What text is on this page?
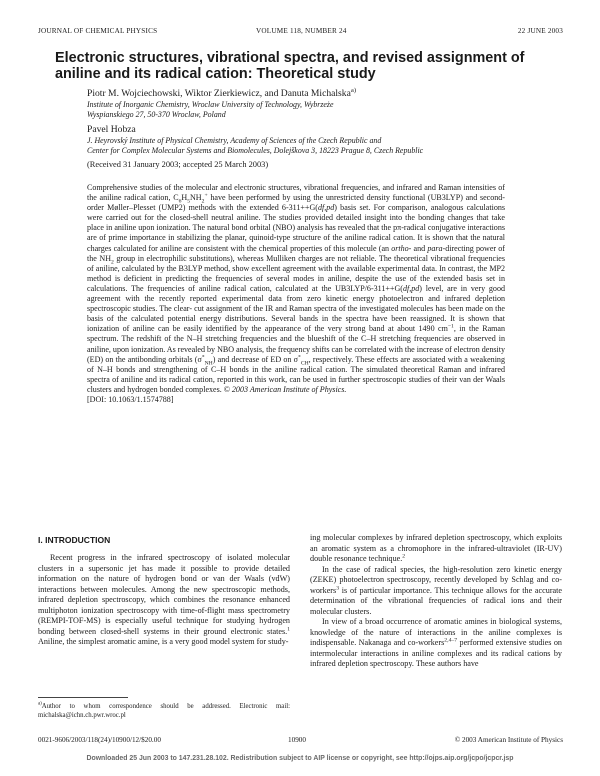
JOURNAL OF CHEMICAL PHYSICS	VOLUME 118, NUMBER 24	22 JUNE 2003
Electronic structures, vibrational spectra, and revised assignment of aniline and its radical cation: Theoretical study
Piotr M. Wojciechowski, Wiktor Zierkiewicz, and Danuta Michalska$^{a)}$
Institute of Inorganic Chemistry, Wroclaw University of Technology, Wybrzeże
Wyspianskiego 27, 50-370 Wroclaw, Poland
Pavel Hobza
J. Heyrovský Institute of Physical Chemistry, Academy of Sciences of the Czech Republic and
Center for Complex Molecular Systems and Biomolecules, Dolejškova 3, 18223 Prague 8, Czech Republic
(Received 31 January 2003; accepted 25 March 2003)

Comprehensive studies of the molecular and electronic structures, vibrational frequencies, and infrared and Raman intensities of the aniline radical cation, $C_6H_5NH_2^+$ have been performed by using the unrestricted density functional (UB3LYP) and second-order Møller–Plesset (UMP2) methods with the extended 6-311++G(df,pd) basis set. For comparison, analogous calculations were carried out for the closed-shell neutral aniline. The studies provided detailed insight into the bonding changes that take place in aniline upon ionization. The natural bond orbital (NBO) analysis has revealed that the pπ-radical conjugative interactions are of prime importance in stabilizing the planar, quinoid-type structure of the aniline radical cation. It is shown that the natural charges calculated for aniline are consistent with the chemical properties of this molecule (an ortho- and para-directing power of the $NH_2$ group in electrophilic substitutions), whereas Mulliken charges are not reliable. The theoretical vibrational frequencies of aniline, calculated by the B3LYP method, show excellent agreement with the available experimental data. In contrast, the MP2 method is deficient in predicting the frequencies of several modes in aniline, despite the use of the extended basis set in calculations. The frequencies of aniline radical cation, calculated at the UB3LYP/6-311++G(df,pd) level, are in very good agreement with the recently reported experimental data from zero kinetic energy photoelectron and infrared depletion spectroscopic studies. The clear- cut assignment of the IR and Raman spectra of the investigated molecules has been made on the basis of the calculated potential energy distributions. Several bands in the spectra have been reassigned. It is shown that ionization of aniline can be easily identified by the appearance of the very strong band at about 1490 $cm^{-1}$, in the Raman spectrum. The redshift of the N–H stretching frequencies and the blueshift of the C–H stretching frequencies are observed in aniline, upon ionization. As revealed by NBO analysis, the frequency shifts can be correlated with the increase of electron density (ED) on the antibonding orbitals $(\sigma^*_{NH})$ and decrease of ED on $\sigma^*_{CH}$, respectively. These effects are associated with a weakening of N–H bonds and strengthening of C–H bonds in the aniline radical cation. The simulated theoretical Raman and infrared spectra of aniline and its radical cation, reported in this work, can be used in further spectroscopic studies of their van der Waals clusters and hydrogen bonded complexes. © 2003 American Institute of Physics.
[DOI: 10.1063/1.1574788]

I. INTRODUCTION

Recent progress in the infrared spectroscopy of isolated molecular clusters in a supersonic jet has made it possible to provide detailed information on the nature of hydrogen bond or van der Waals (vdW) interactions between molecules. Among the new spectroscopic methods, infrared depletion spectroscopy, which combines the resonance enhanced multiphoton ionization spectroscopy with time-of-flight mass spectrometry (REMPI-TOF-MS) is especially useful technique for studying hydrogen bonding between closed-shell systems in their ground electronic states.$^1$ Aniline, the simplest aromatic amine, is a very good model system for study-

ing molecular complexes by infrared depletion spectroscopy, which exploits an aromatic system as a chromophore in the infrared-ultraviolet (IR-UV) double resonance technique.$^2$

In the case of radical species, the high-resolution zero kinetic energy (ZEKE) photoelectron spectroscopy, recently developed by Schlag and co-workers$^3$ is of particular importance. This technique allows for the accurate determination of the vibrational frequencies of radical ions and their molecular clusters.

In view of a broad occurrence of aromatic amines in biological systems, knowledge of the nature of interactions in the aniline complexes is indispensable. Nakanaga and co-workers$^{2,4-7}$ performed extensive studies on intermolecular interactions in aniline complexes and its radical cations by infrared depletion spectroscopy. These authors have

$^{a)}$Author to whom correspondence should be addressed. Electronic mail: michalska@ichn.ch.pwr.wroc.pl
0021-9606/2003/118(24)/10900/12/$20.00	10900	© 2003 American Institute of Physics
Downloaded 25 Jun 2003 to 147.231.28.102. Redistribution subject to AIP license or copyright, see http://ojps.aip.org/jcpo/jcpcr.jsp
